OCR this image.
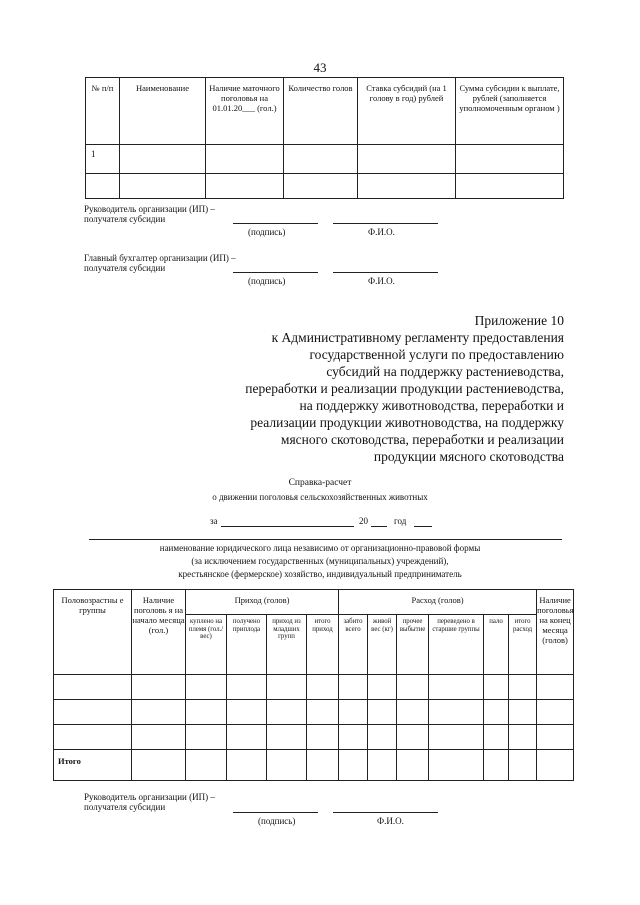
43
№ п/п	Наименование	Наличие маточного поголовья на 01.01.20___ (гол.)	Количество голов	Ставка субсидий (на 1 голову в год) рублей	Сумма субсидии к выплате, рублей (заполняется уполномоченным органом )
1					

Руководитель организации (ИП) –
получателя субсидии
(подпись)	Ф.И.О.
Главный бухгалтер организации (ИП) –
получателя субсидии
(подпись)	Ф.И.О.
Приложение 10
к Административному регламенту предоставления
государственной услуги по предоставлению
субсидий на поддержку растениеводства,
переработки и реализации продукции растениеводства,
на поддержку животноводства, переработки и
реализации продукции животноводства, на поддержку
мясного скотоводства, переработки и реализации
продукции мясного скотоводства
Справка-расчет
о движении поголовья сельскохозяйственных животных
за	20	год
наименование юридического лица независимо от организационно-правовой формы
(за исключением государственных (муниципальных) учреждений),
крестьянское (фермерское) хозяйство, индивидуальный предприниматель
Половозрастны е группы	Наличие поголовь я на начало месяца (гол.)	Приход (голов)				Расход (голов)						Наличие поголовья на конец месяца (голов)
		куплено на племя (гол./вес)	получено приплода	приход из младших групп	итого приход	забито всего	живой вес (кг)	прочее выбытие	переведено в старшие группы	пало	итого расход	

Итого												
Руководитель организации (ИП) –
получателя субсидии
(подпись)	Ф.И.О.
